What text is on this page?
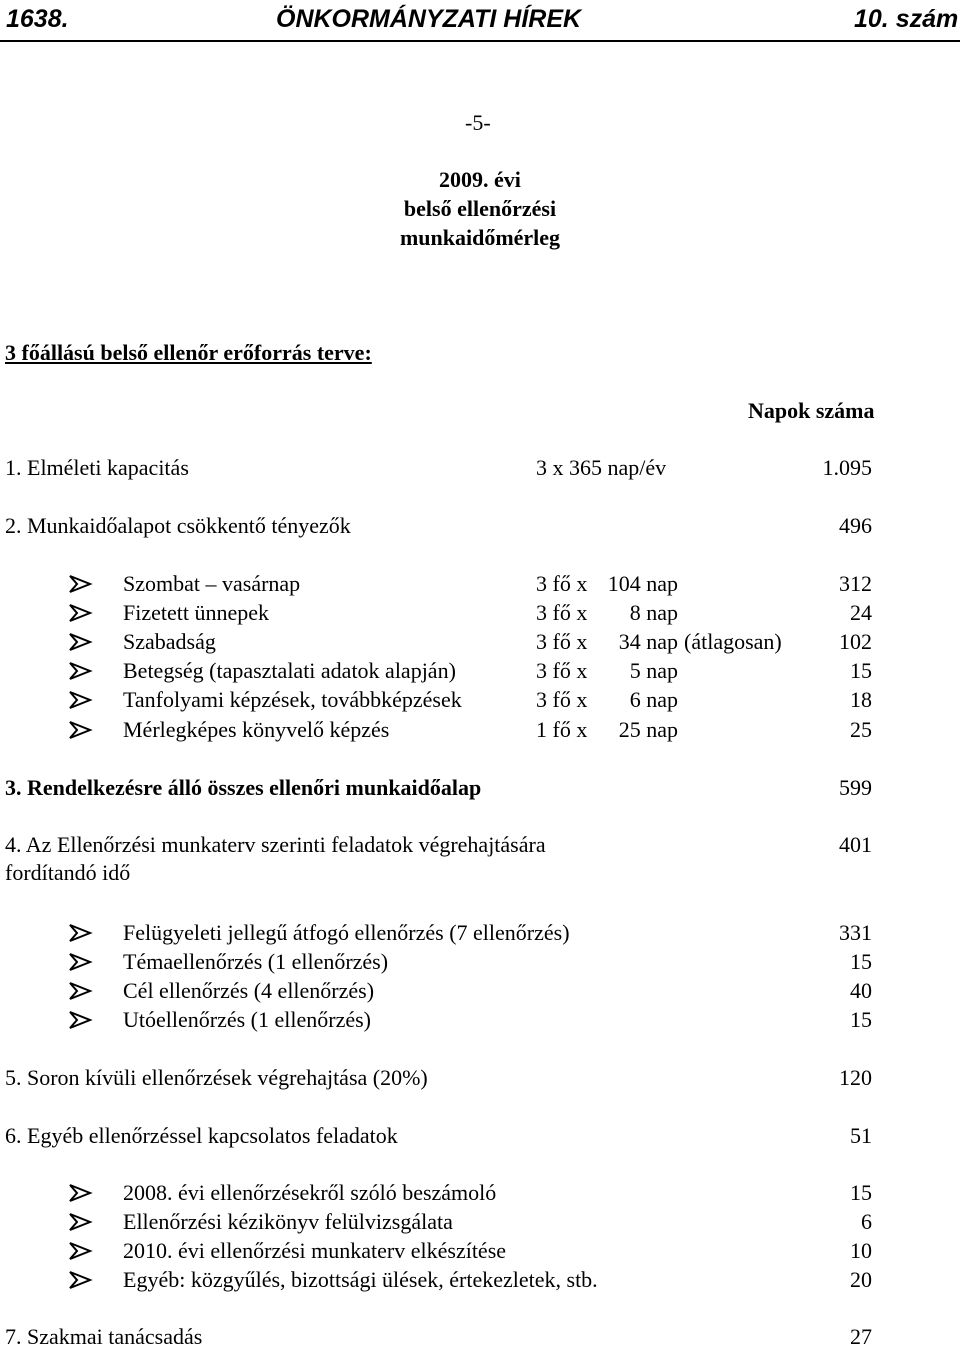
1638.	ÖNKORMÁNYZATI HÍREK	10. szám
-5-
2009. évi
belső ellenőrzési
munkaidőmérleg
3 főállású belső ellenőr erőforrás terve:
Napok száma
1. Elméleti kapacitás	3 x 365 nap/év	1.095
2. Munkaidőalapot csökkentő tényezők	496
Szombat – vasárnap	3 fő x 104 nap	312
Fizetett ünnepek	3 fő x	8 nap	24
Szabadság	3 fő x	34 nap (átlagosan)	102
Betegség (tapasztalati adatok alapján)	3 fő x	5 nap	15
Tanfolyami képzések, továbbképzések	3 fő x	6 nap	18
Mérlegképes könyvelő képzés	1 fő x	25 nap	25
3. Rendelkezésre álló összes ellenőri munkaidőalap	599
4. Az Ellenőrzési munkaterv szerinti feladatok végrehajtására
fordítandó idő
401
Felügyeleti jellegű átfogó ellenőrzés (7 ellenőrzés)	331
Témaellenőrzés (1 ellenőrzés)	15
Cél ellenőrzés (4 ellenőrzés)	40
Utóellenőrzés (1 ellenőrzés)	15
5. Soron kívüli ellenőrzések végrehajtása (20%)	120
6. Egyéb ellenőrzéssel kapcsolatos feladatok	51
2008. évi ellenőrzésekről szóló beszámoló	15
Ellenőrzési kézikönyv felülvizsgálata	6
2010. évi ellenőrzési munkaterv elkészítése	10
Egyéb: közgyűlés, bizottsági ülések, értekezletek, stb.	20
7. Szakmai tanácsadás	27
